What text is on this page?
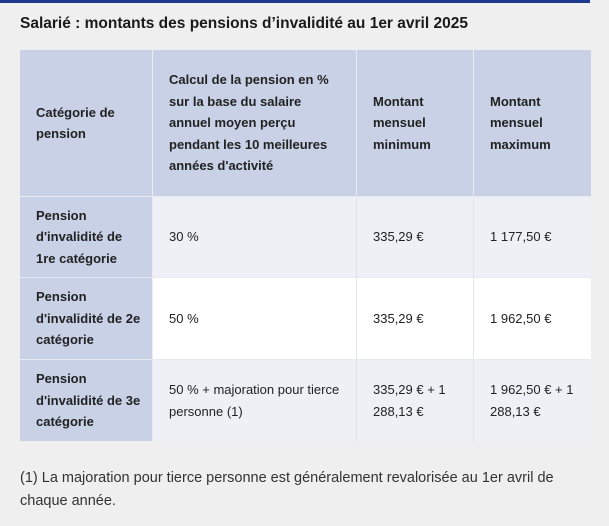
Salarié : montants des pensions d’invalidité au 1er avril 2025
Catégorie de pension	Calcul de la pension en % sur la base du salaire annuel moyen perçu pendant les 10 meilleures années d'activité	Montant mensuel minimum	Montant mensuel maximum
Pension d'invalidité de 1re catégorie	30 %	335,29 €	1 177,50 €
Pension d'invalidité de 2e catégorie	50 %	335,29 €	1 962,50 €
Pension d'invalidité de 3e catégorie	50 % + majoration pour tierce personne (1)	335,29 € + 1 288,13 €	1 962,50 € + 1 288,13 €
(1) La majoration pour tierce personne est généralement revalorisée au 1er avril de chaque année.
